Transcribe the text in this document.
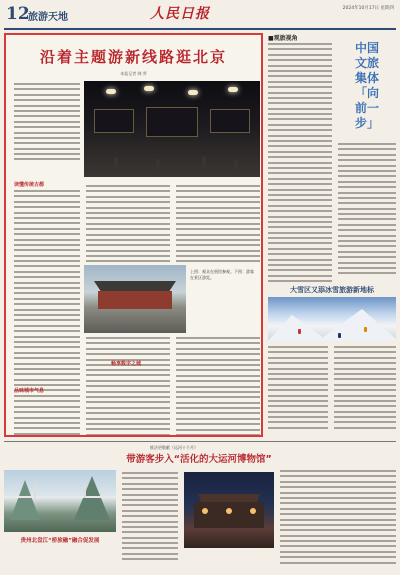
12
旅游天地	人民日报	2024年10月17日 星期四
沿着主题游新线路逛北京
本报记者 韩 霁
读懂传统古都
上图：观众在展馆参观。下图：游客在景区游览。
品味城市气息
畅享数字之城
■观旅视角
中国文旅集体「向前一步」
大雪区又添冰雪旅游新地标
推法更敬献（远河十个月）
带游客步入“活化的大运河博物馆”
贵州北盘江“桥旅融”融合促发展
